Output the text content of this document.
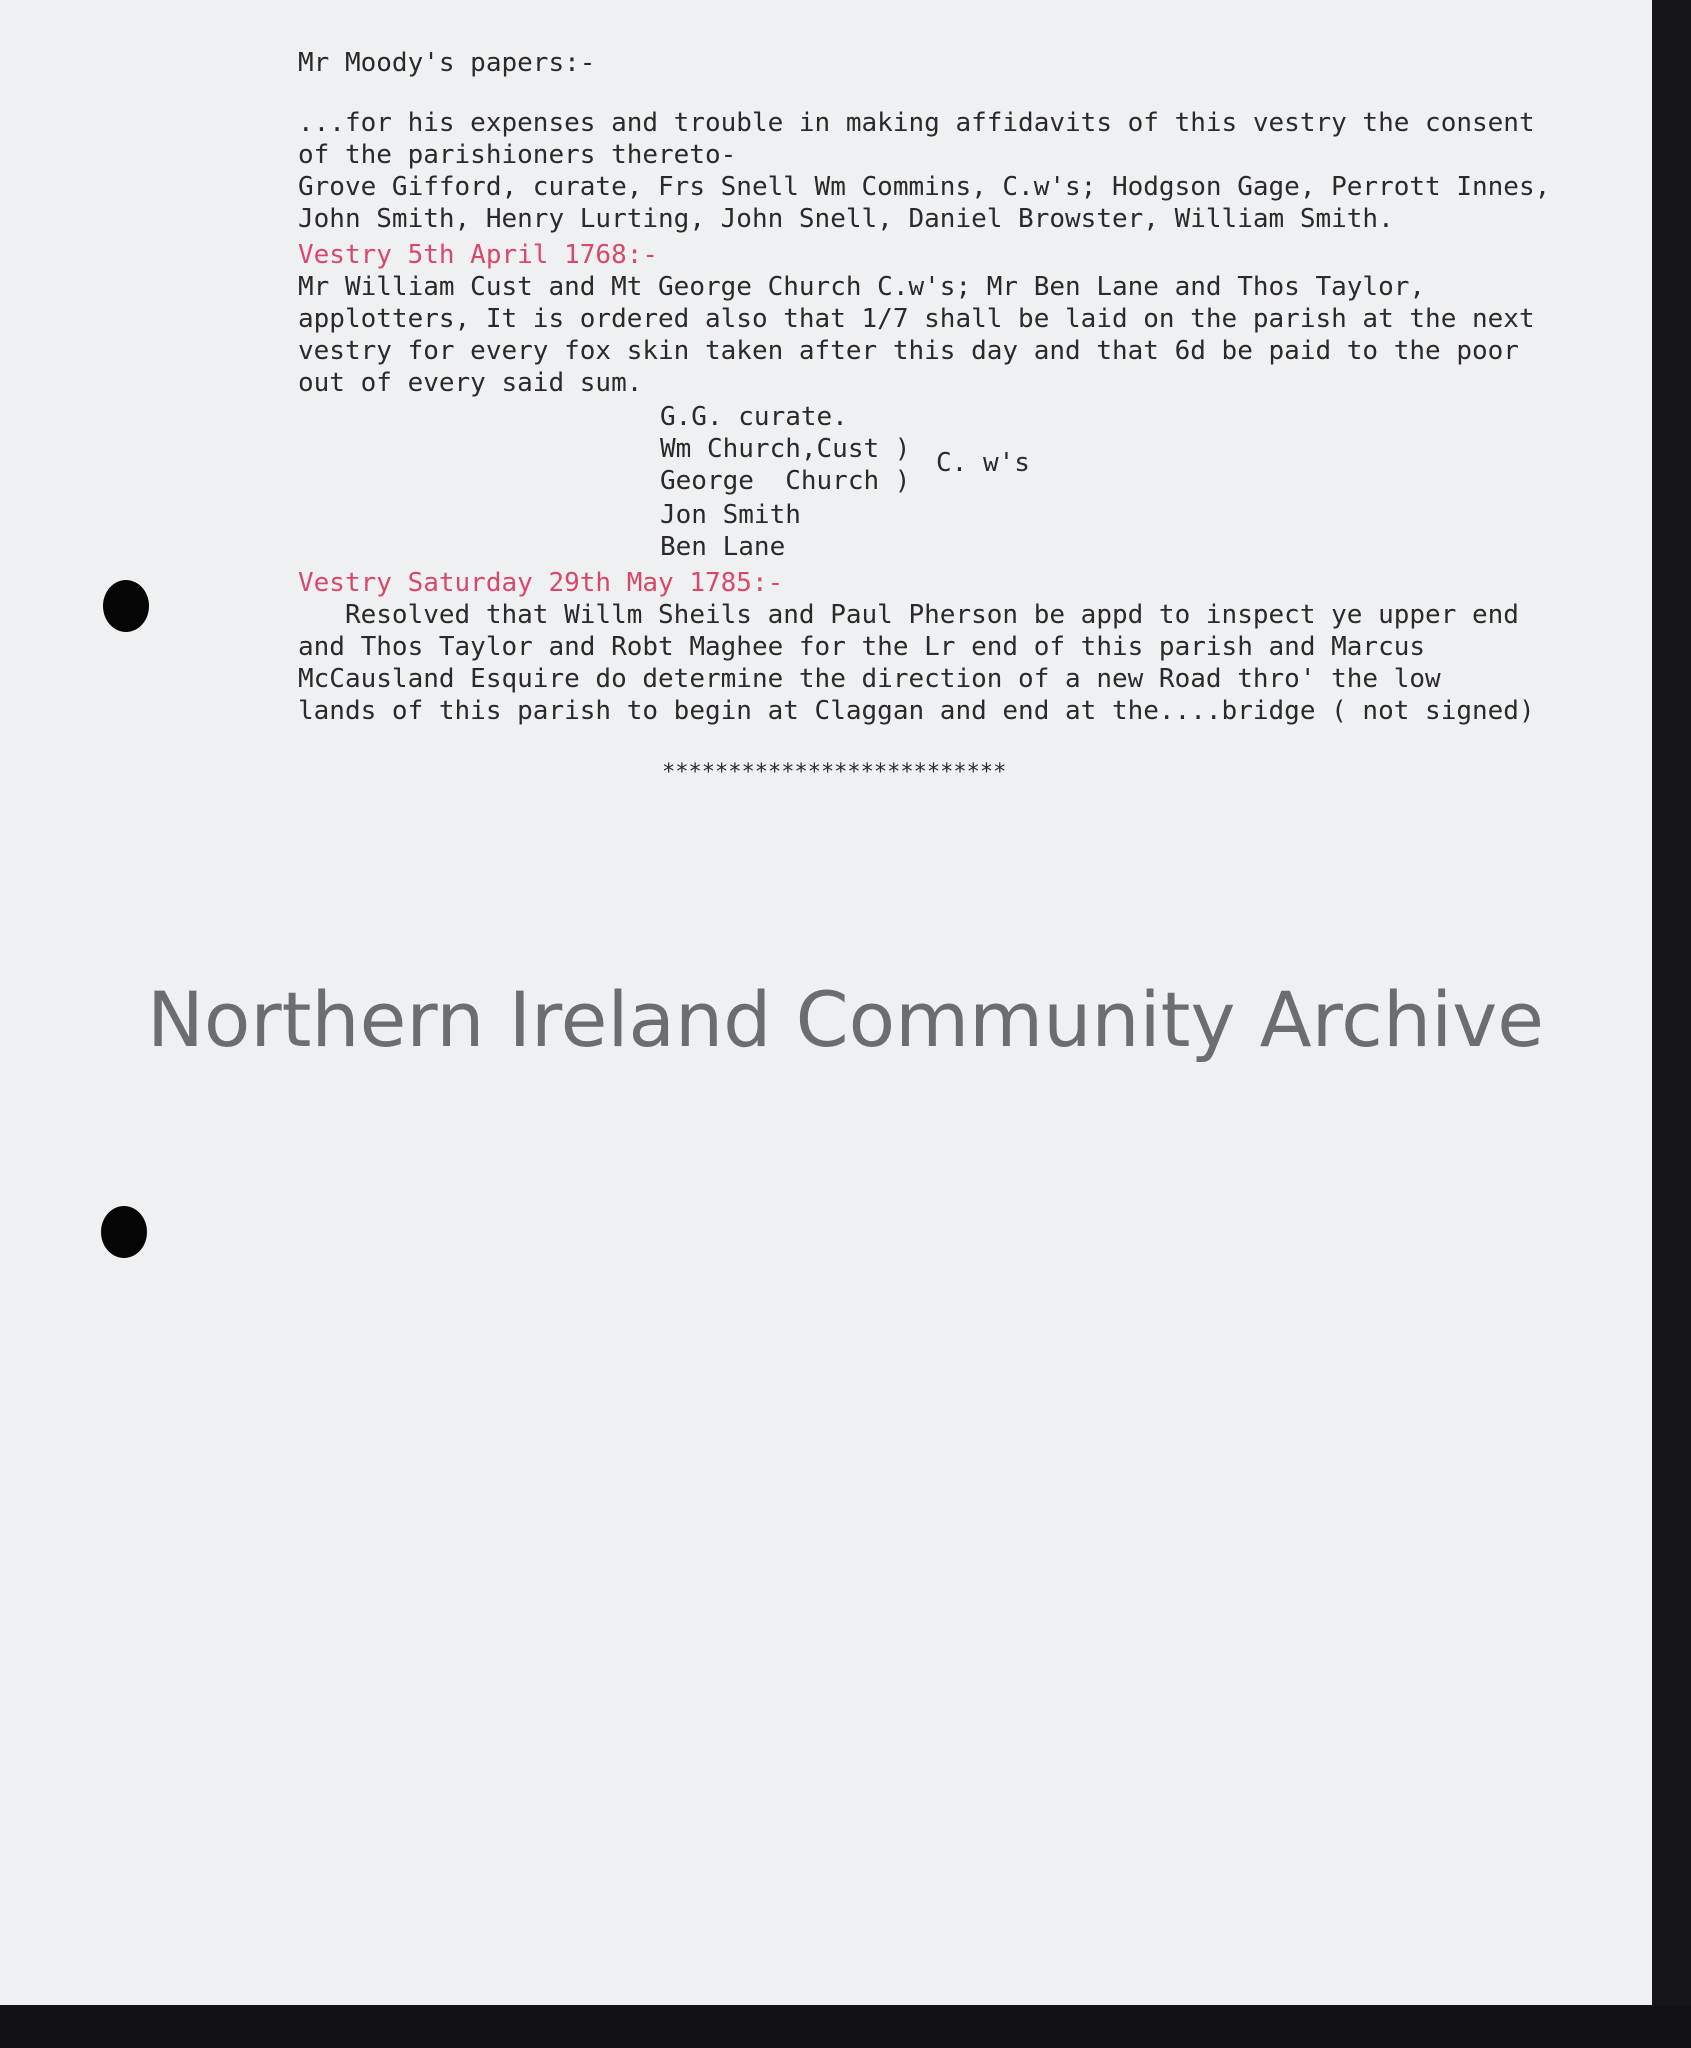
Mr Moody's papers:-
...for his expenses and trouble in making affidavits of this vestry the consent
of the parishioners thereto-
Grove Gifford, curate, Frs Snell Wm Commins, C.w's; Hodgson Gage, Perrott Innes,
John Smith, Henry Lurting, John Snell, Daniel Browster, William Smith.
Vestry 5th April 1768:-
Mr William Cust and Mt George Church C.w's; Mr Ben Lane and Thos Taylor,
applotters, It is ordered also that 1/7 shall be laid on the parish at the next
vestry for every fox skin taken after this day and that 6d be paid to the poor
out of every said sum.
G.G. curate.
Wm Church,Cust )
George  Church )
C. w's
Jon Smith
Ben Lane
Vestry Saturday 29th May 1785:-
Resolved that Willm Sheils and Paul Pherson be appd to inspect ye upper end
and Thos Taylor and Robt Maghee for the Lr end of this parish and Marcus
McCausland Esquire do determine the direction of a new Road thro' the low
lands of this parish to begin at Claggan and end at the....bridge ( not signed)
**************************
Northern Ireland Community Archive
